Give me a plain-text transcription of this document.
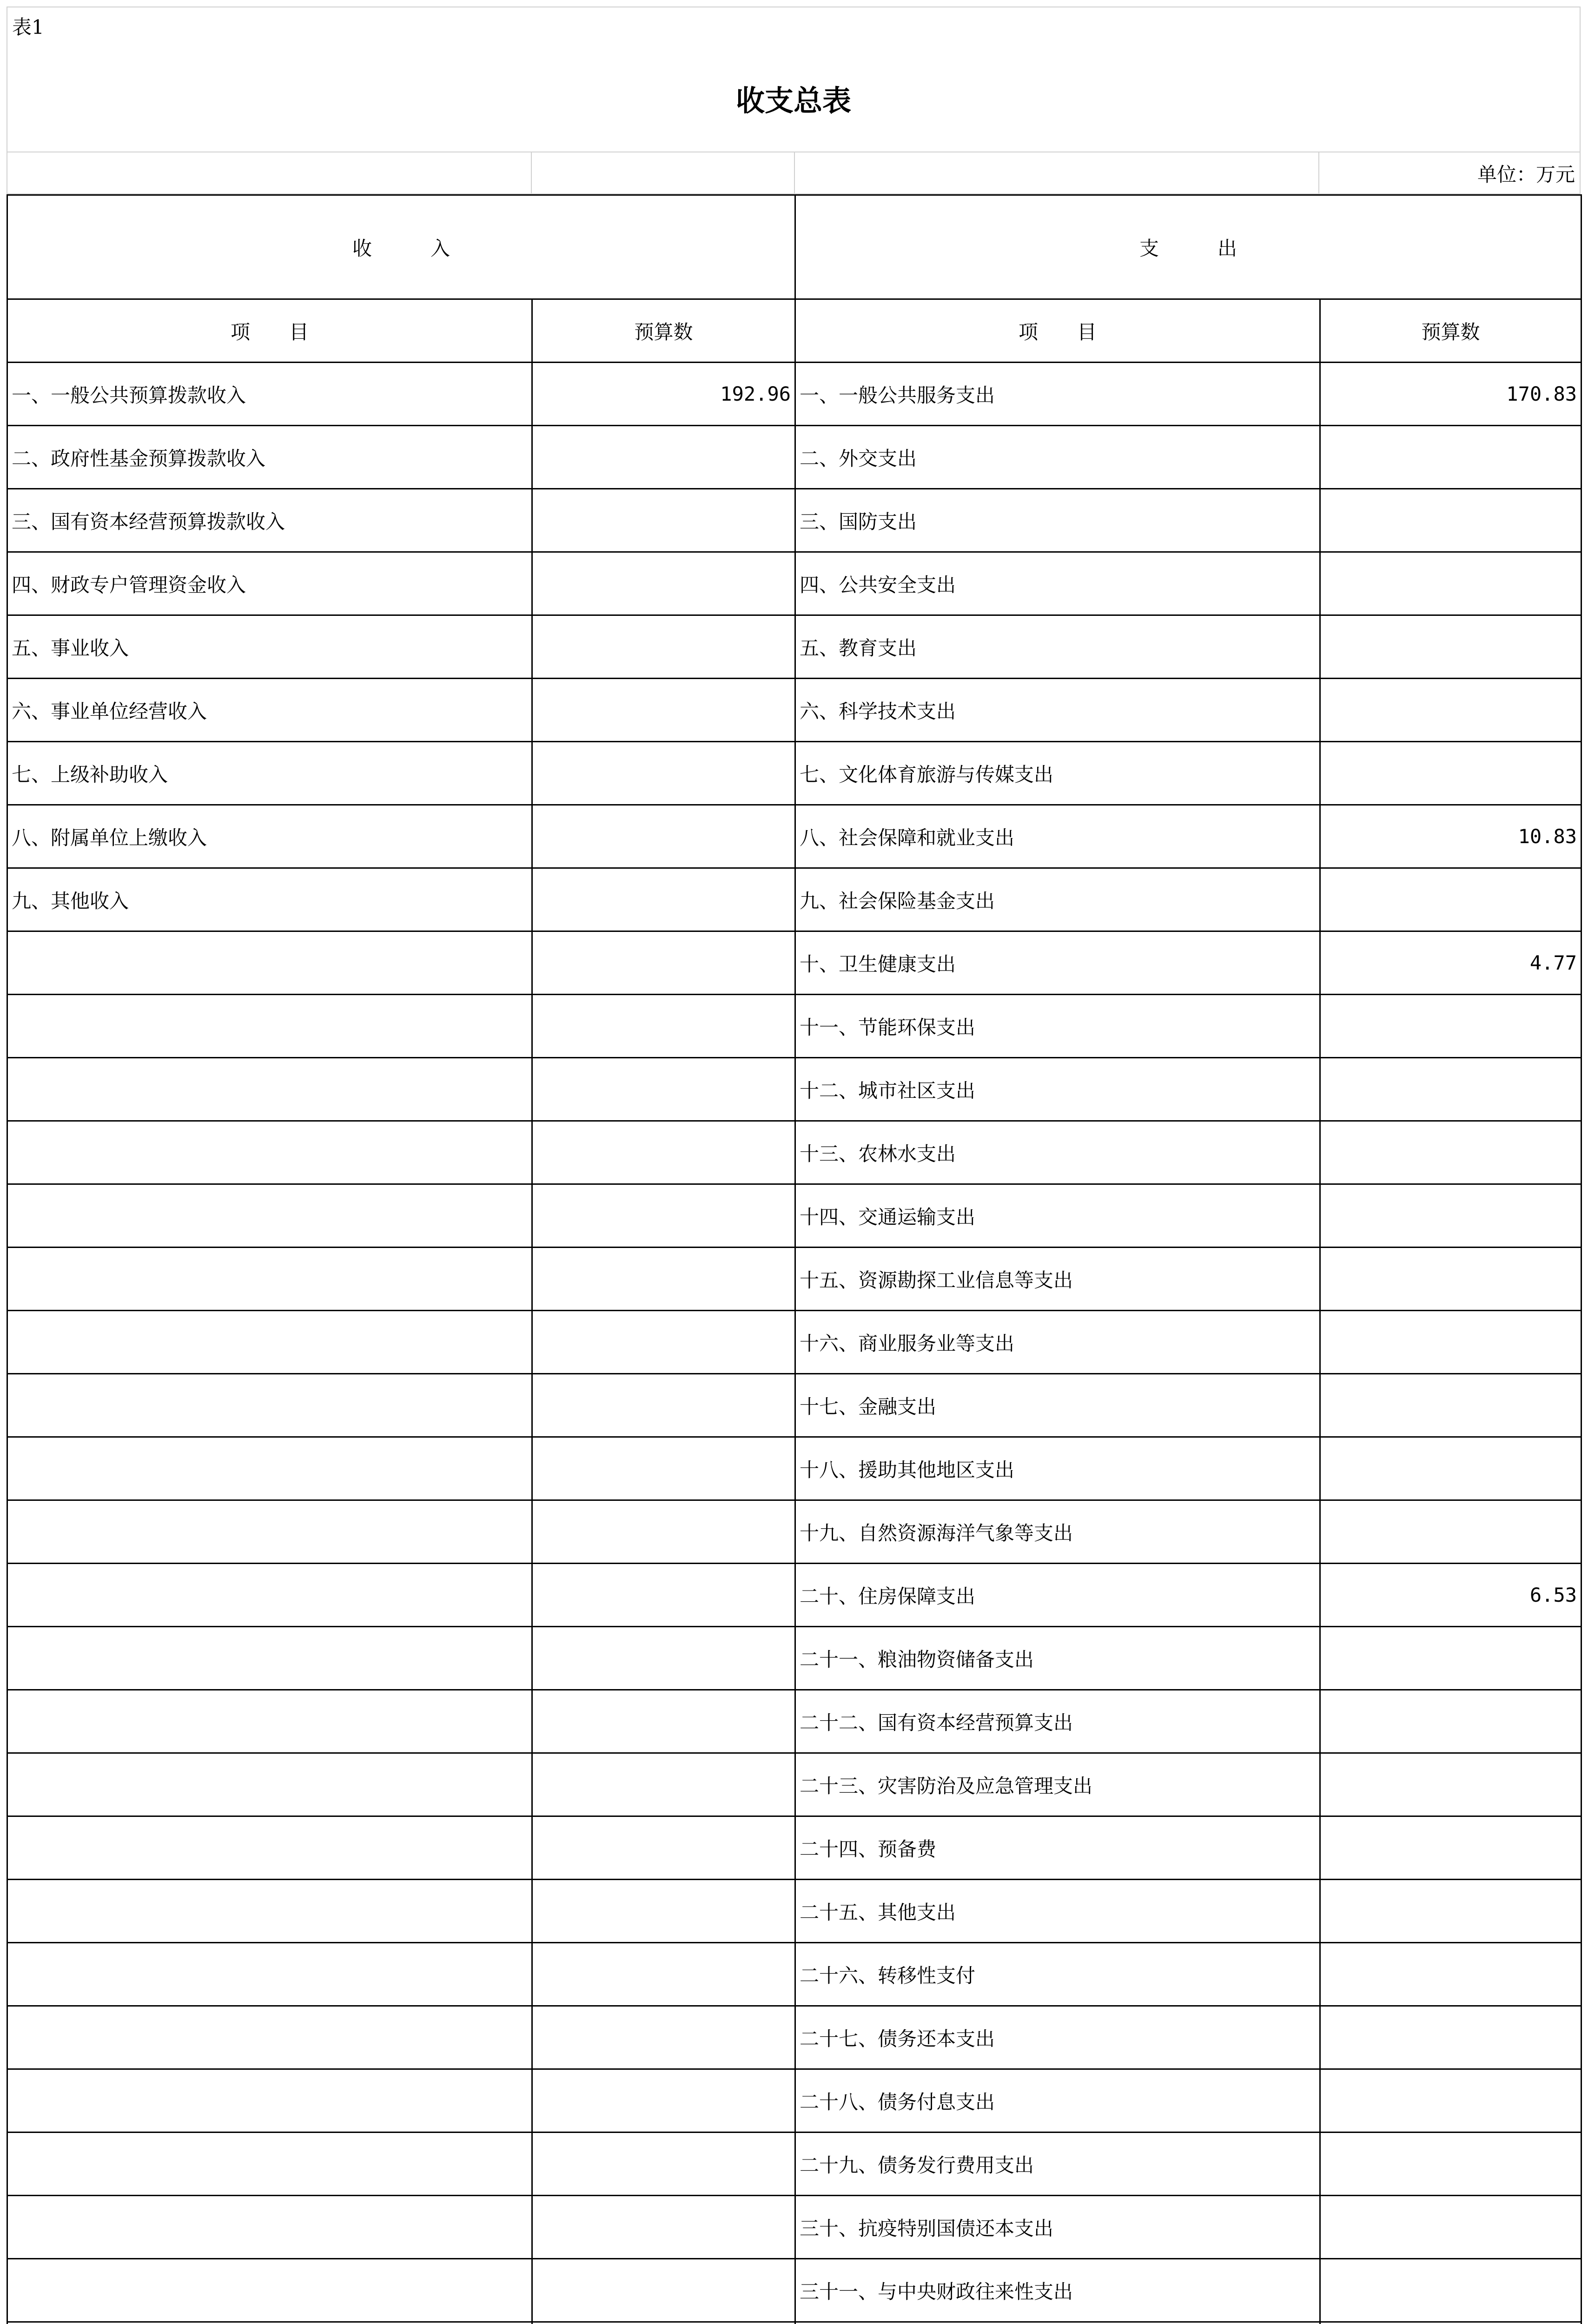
表1
收支总表
单位：万元
收　　　入		支　　　出	
项　　目	预算数	项　　目	预算数
一、一般公共预算拨款收入	192.96	一、一般公共服务支出	170.83
二、政府性基金预算拨款收入		二、外交支出	
三、国有资本经营预算拨款收入		三、国防支出	
四、财政专户管理资金收入		四、公共安全支出	
五、事业收入		五、教育支出	
六、事业单位经营收入		六、科学技术支出	
七、上级补助收入		七、文化体育旅游与传媒支出	
八、附属单位上缴收入		八、社会保障和就业支出	10.83
九、其他收入		九、社会保险基金支出	
		十、卫生健康支出	4.77
		十一、节能环保支出	
		十二、城市社区支出	
		十三、农林水支出	
		十四、交通运输支出	
		十五、资源勘探工业信息等支出	
		十六、商业服务业等支出	
		十七、金融支出	
		十八、援助其他地区支出	
		十九、自然资源海洋气象等支出	
		二十、住房保障支出	6.53
		二十一、粮油物资储备支出	
		二十二、国有资本经营预算支出	
		二十三、灾害防治及应急管理支出	
		二十四、预备费	
		二十五、其他支出	
		二十六、转移性支付	
		二十七、债务还本支出	
		二十八、债务付息支出	
		二十九、债务发行费用支出	
		三十、抗疫特别国债还本支出	
		三十一、与中央财政往来性支出	
